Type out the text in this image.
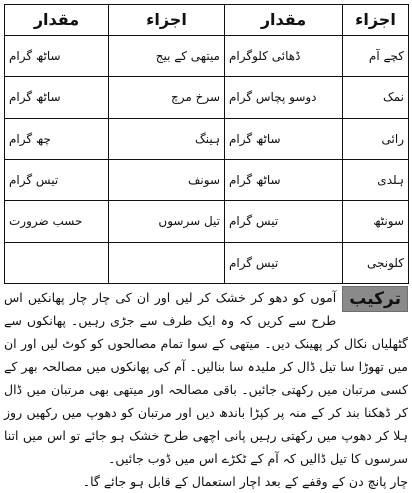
اجزاء	مقدار	اجزاء	مقدار
کچے آم	ڈھائی کلوگرام	میتھی کے بیج	ساٹھ گرام
نمک	دوسو پچاس گرام	سرخ مرچ	ساٹھ گرام
رائی	ساٹھ گرام	ہینگ	چھ گرام
ہلدی	ساٹھ گرام	سونف	تیس گرام
سونٹھ	تیس گرام	تیل سرسوں	حسب ضرورت
کلونجی	تیس گرام		
ترکیب

آموں کو دھو کر خشک کر لیں اور ان کی چار چار پھانکیں اس طرح سے کریں کہ وہ ایک طرف سے جڑی رہیں۔ پھانکوں سے گٹھلیاں نکال کر پھینک دیں۔ میتھی کے سوا تمام مصالحوں کو کوٹ لیں اور ان میں تھوڑا سا تیل ڈال کر ملیدہ سا بنالیں۔ آم کی پھانکوں میں مصالحہ بھر کے کسی مرتبان میں رکھتی جائیں۔ باقی مصالحہ اور میتھی بھی مرتبان میں ڈال کر ڈھکنا بند کر کے منہ پر کپڑا باندھ دیں اور مرتبان کو دھوپ میں رکھیں روز ہلا کر دھوپ میں رکھتی رہیں پانی اچھی طرح خشک ہو جائے تو اس میں اتنا سرسوں کا تیل ڈالیں کہ آم کے ٹکڑے اس میں ڈوب جائیں۔

چار پانچ دن کے وقفے کے بعد اچار استعمال کے قابل ہو جائے گا۔
